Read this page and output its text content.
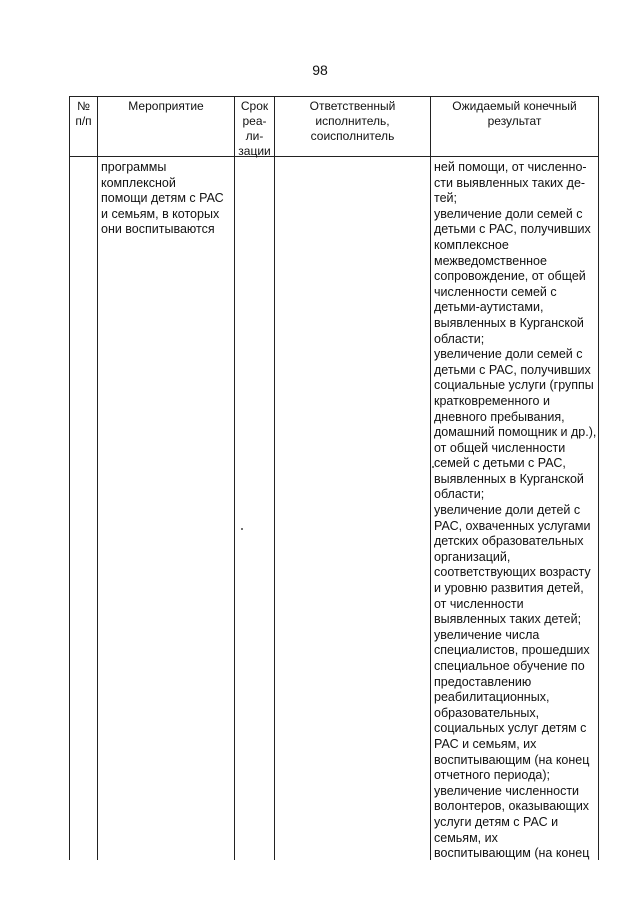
98
№
п/п
Мероприятие	Срок
реа-
ли-
зации
Ответственный
исполнитель,
соисполнитель
Ожидаемый конечный
результат
программы
комплексной
помощи детям с РАС
и семьям, в которых
они воспитываются
ней помощи, от численно-
сти выявленных таких де-
тей;
увеличение доли семей с
детьми с РАС, получивших
комплексное
межведомственное
сопровождение, от общей
численности семей с
детьми-аутистами,
выявленных в Курганской
области;
увеличение доли семей с
детьми с РАС, получивших
социальные услуги (группы
кратковременного и
дневного пребывания,
домашний помощник и др.),
от общей численности
семей с детьми с РАС,
выявленных в Курганской
области;
увеличение доли детей с
РАС, охваченных услугами
детских образовательных
организаций,
соответствующих возрасту
и уровню развития детей,
от численности
выявленных таких детей;
увеличение числа
специалистов, прошедших
специальное обучение по
предоставлению
реабилитационных,
образовательных,
социальных услуг детям с
РАС и семьям, их
воспитывающим (на конец
отчетного периода);
увеличение численности
волонтеров, оказывающих
услуги детям с РАС и
семьям, их
воспитывающим (на конец
